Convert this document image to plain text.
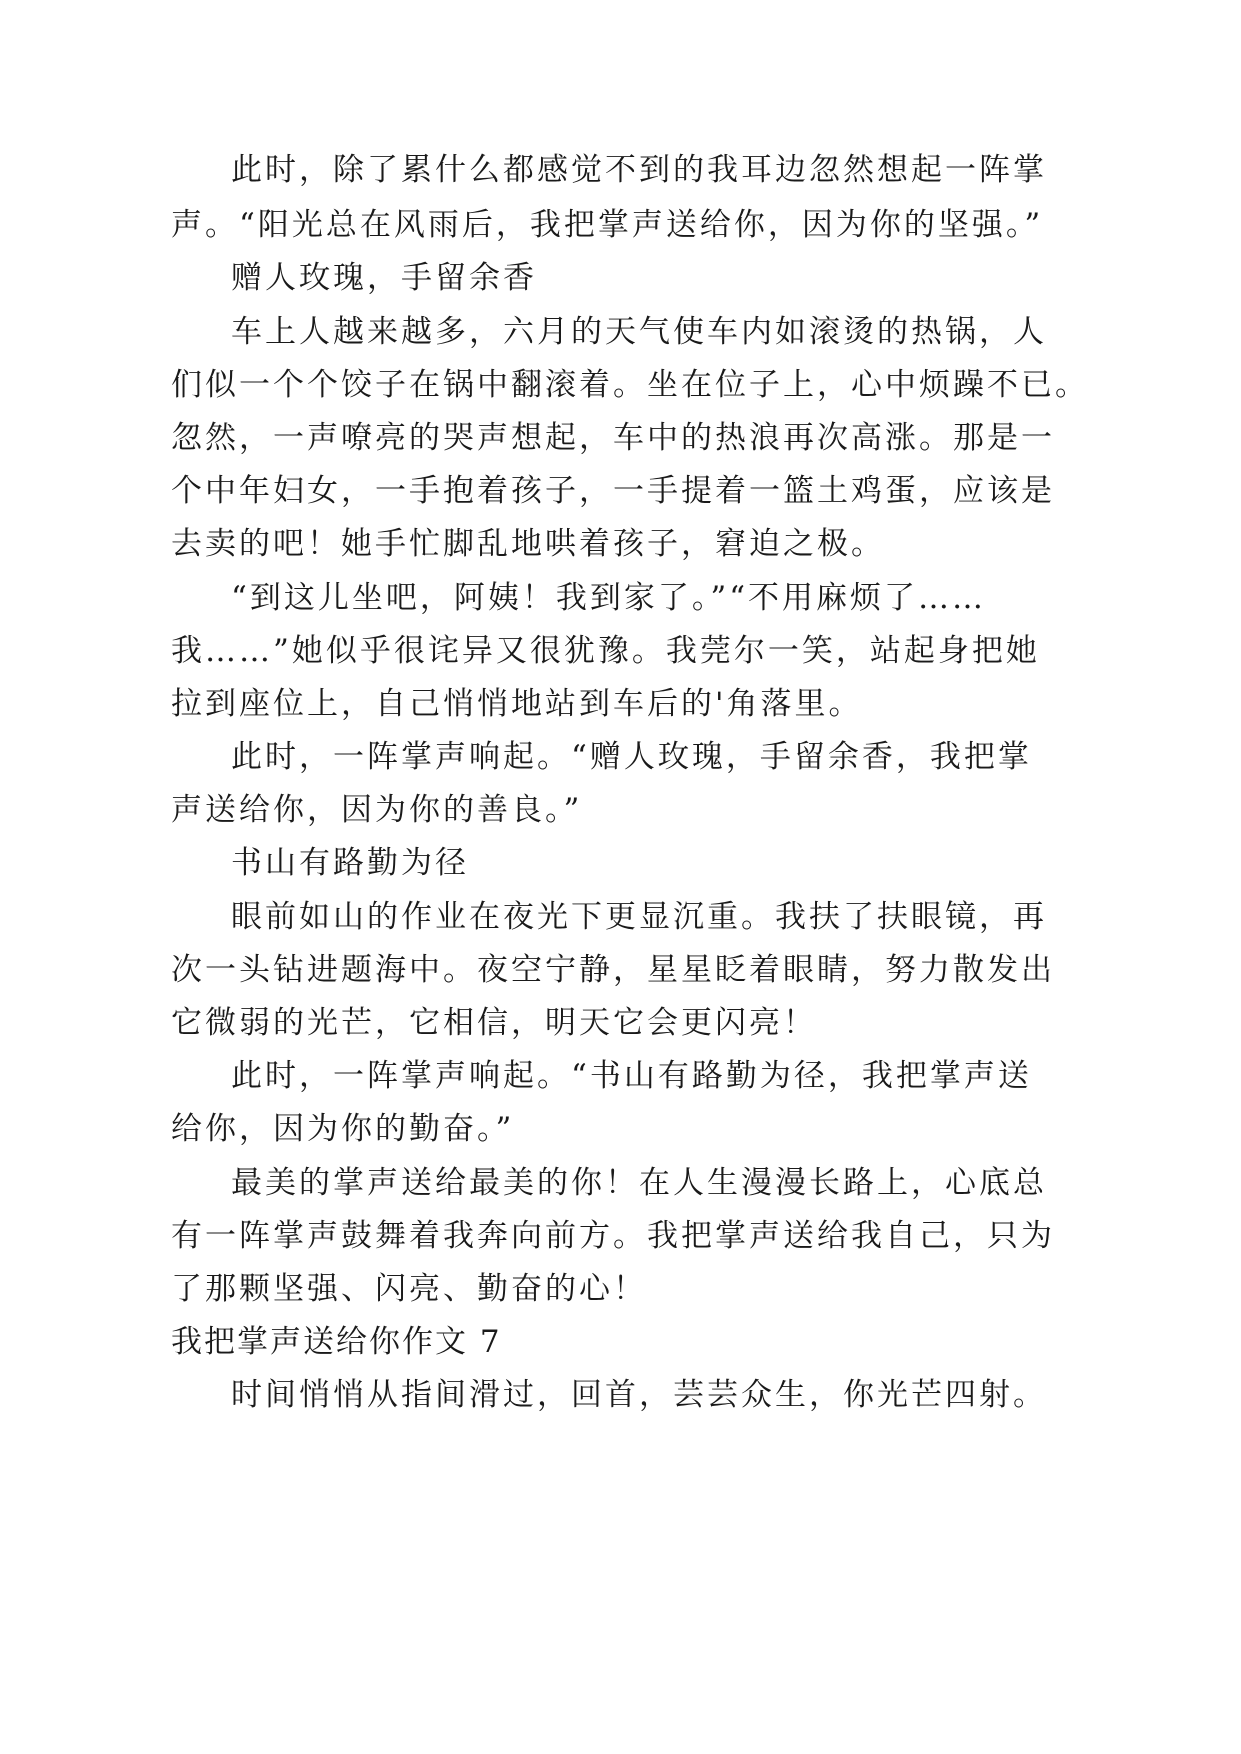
此时，除了累什么都感觉不到的我耳边忽然想起一阵掌
声。“阳光总在风雨后，我把掌声送给你，因为你的坚强。”
赠人玫瑰，手留余香
车上人越来越多，六月的天气使车内如滚烫的热锅，人
们似一个个饺子在锅中翻滚着。坐在位子上，心中烦躁不已。
忽然，一声嘹亮的哭声想起，车中的热浪再次高涨。那是一
个中年妇女，一手抱着孩子，一手提着一篮土鸡蛋，应该是
去卖的吧！她手忙脚乱地哄着孩子，窘迫之极。
“到这儿坐吧，阿姨！我到家了。”“不用麻烦了……
我……”她似乎很诧异又很犹豫。我莞尔一笑，站起身把她
拉到座位上，自己悄悄地站到车后的'角落里。
此时，一阵掌声响起。“赠人玫瑰，手留余香，我把掌
声送给你，因为你的善良。”
书山有路勤为径
眼前如山的作业在夜光下更显沉重。我扶了扶眼镜，再
次一头钻进题海中。夜空宁静，星星眨着眼睛，努力散发出
它微弱的光芒，它相信，明天它会更闪亮！
此时，一阵掌声响起。“书山有路勤为径，我把掌声送
给你，因为你的勤奋。”
最美的掌声送给最美的你！在人生漫漫长路上，心底总
有一阵掌声鼓舞着我奔向前方。我把掌声送给我自己，只为
了那颗坚强、闪亮、勤奋的心！
我把掌声送给你作文 7
时间悄悄从指间滑过，回首，芸芸众生，你光芒四射。
